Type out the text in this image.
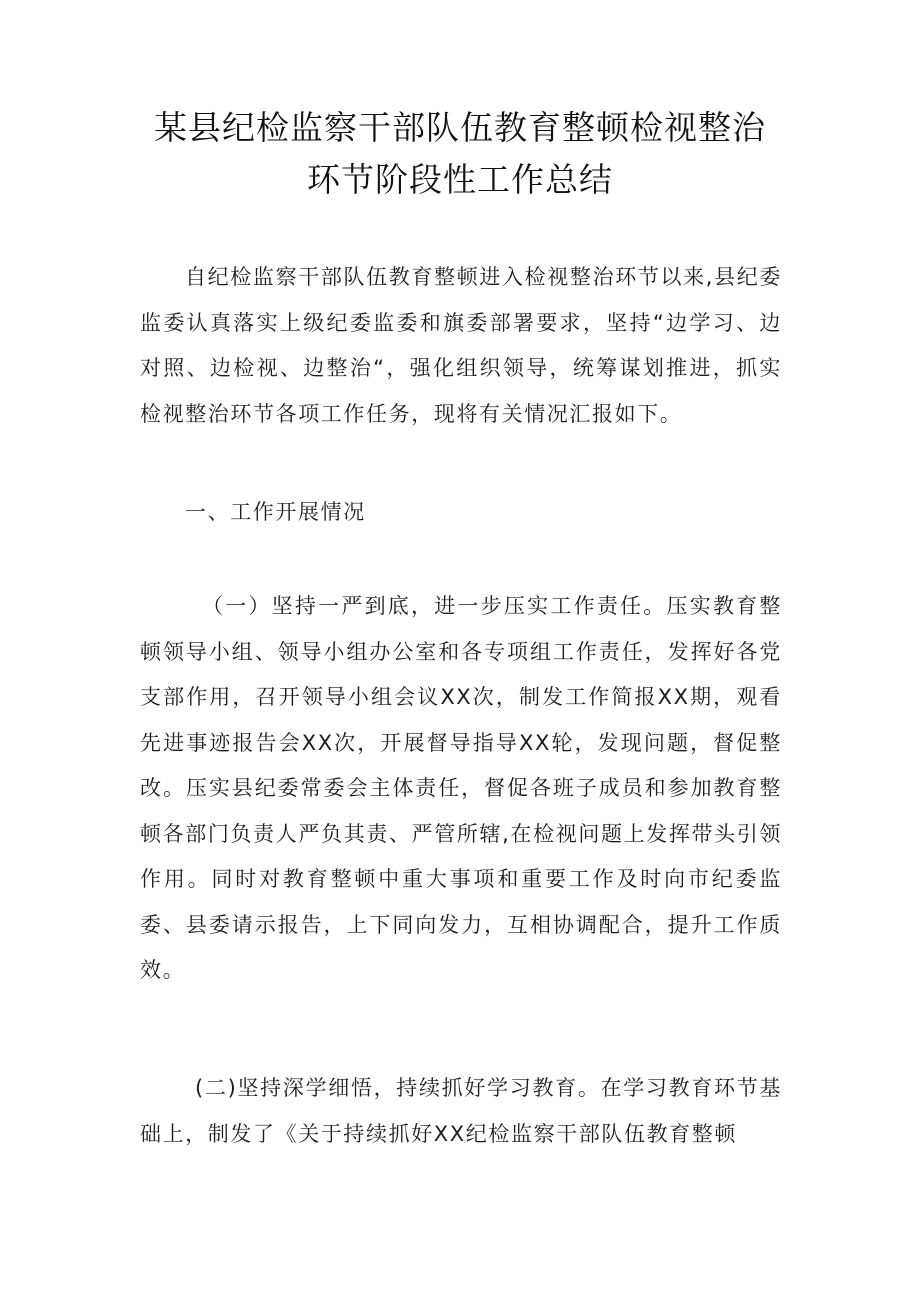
某县纪检监察干部队伍教育整顿检视整治
环节阶段性工作总结

自纪检监察干部队伍教育整顿进入检视整治环节以来,县纪委监委认真落实上级纪委监委和旗委部署要求，坚持“边学习、边对照、边检视、边整治“，强化组织领导，统筹谋划推进，抓实检视整治环节各项工作任务，现将有关情况汇报如下。

一、工作开展情况

（一）坚持一严到底，进一步压实工作责任。压实教育整顿领导小组、领导小组办公室和各专项组工作责任，发挥好各党支部作用，召开领导小组会议XX次，制发工作简报XX期，观看先进事迹报告会XX次，开展督导指导XX轮，发现问题，督促整改。压实县纪委常委会主体责任，督促各班子成员和参加教育整顿各部门负责人严负其责、严管所辖,在检视问题上发挥带头引领作用。同时对教育整顿中重大事项和重要工作及时向市纪委监委、县委请示报告，上下同向发力，互相协调配合，提升工作质效。

(二)坚持深学细悟，持续抓好学习教育。在学习教育环节基础上，制发了《关于持续抓好XX纪检监察干部队伍教育整顿
